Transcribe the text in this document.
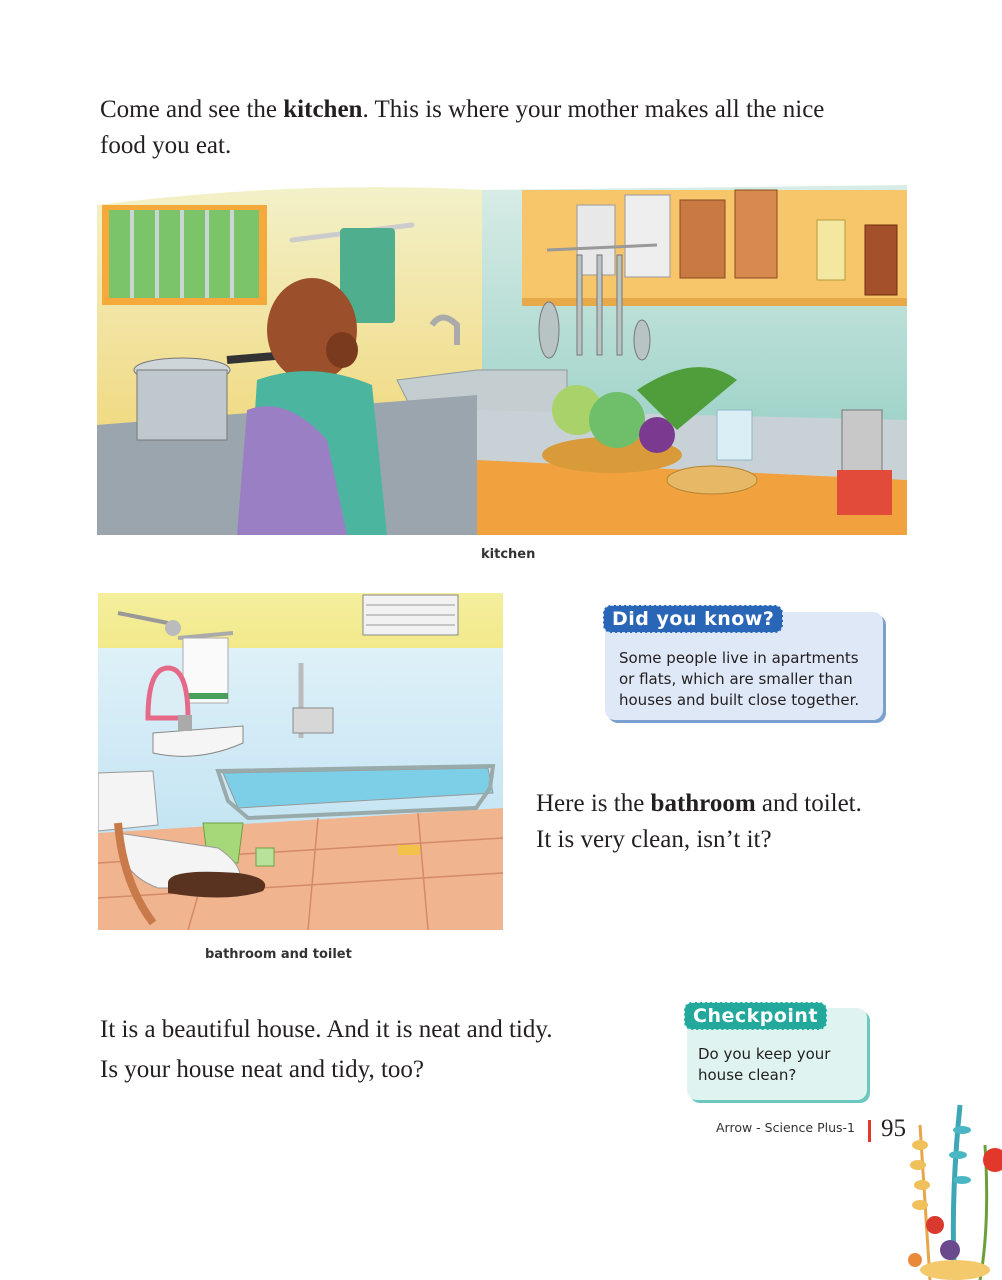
Come and see the kitchen. This is where your mother makes all the nice
food you eat.
kitchen
bathroom and toilet
Did you know?
Some people live in apartments
or flats, which are smaller than
houses and built close together.
Here is the bathroom and toilet.
It is very clean, isn’t it?
It is a beautiful house. And it is neat and tidy.
Is your house neat and tidy, too?
Checkpoint
Do you keep your
house clean?
Arrow - Science Plus-1 95
